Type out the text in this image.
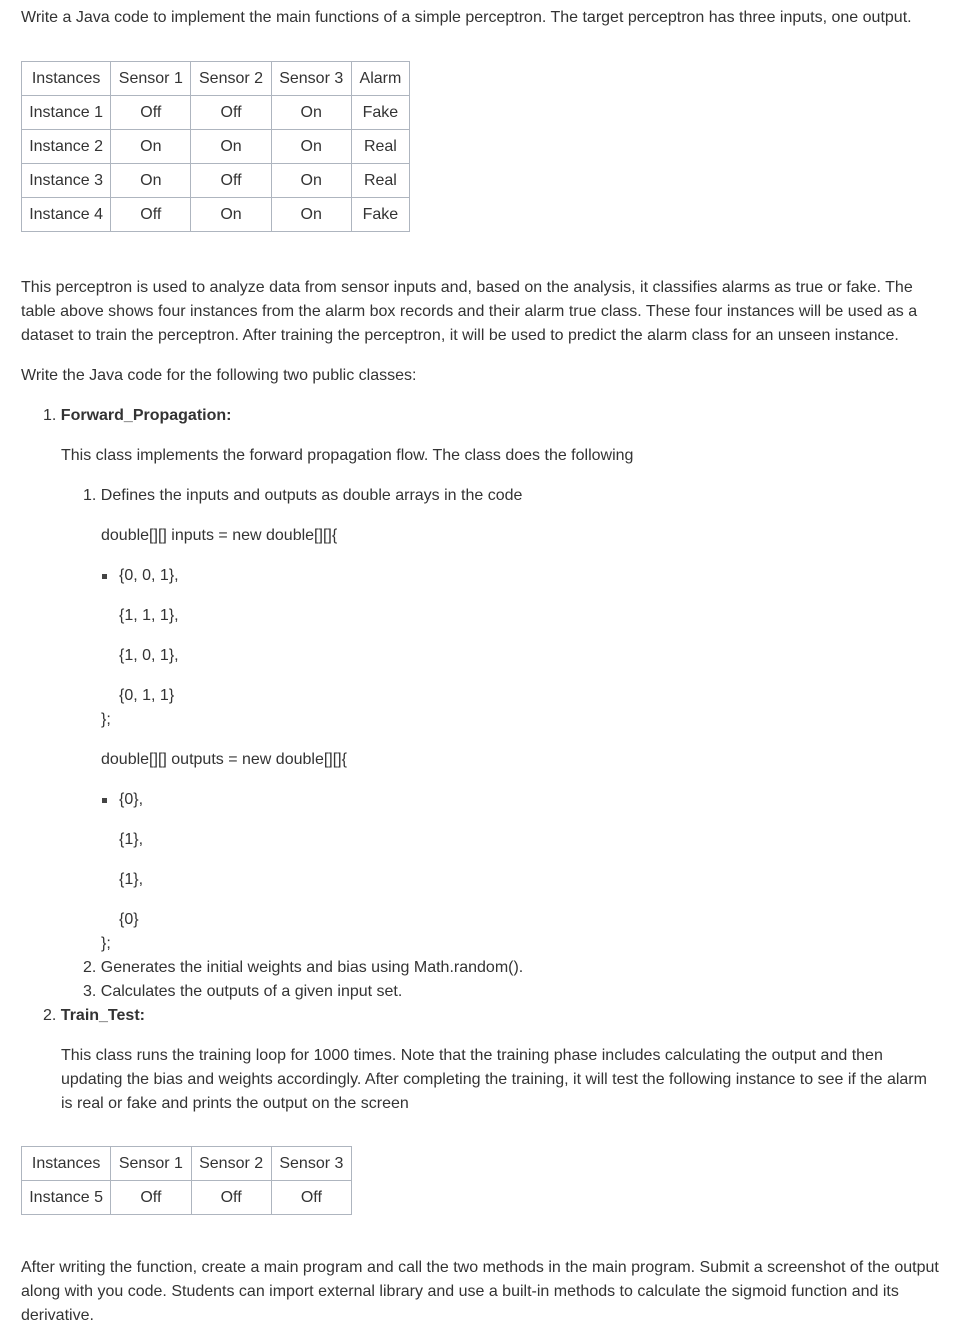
Write a Java code to implement the main functions of a simple perceptron. The target perceptron has three inputs, one output.
Instances	Sensor 1	Sensor 2	Sensor 3	Alarm
Instance 1	Off	Off	On	Fake
Instance 2	On	On	On	Real
Instance 3	On	Off	On	Real
Instance 4	Off	On	On	Fake

This perceptron is used to analyze data from sensor inputs and, based on the analysis, it classifies alarms as true or fake. The table above shows four instances from the alarm box records and their alarm true class. These four instances will be used as a dataset to train the perceptron. After training the perceptron, it will be used to predict the alarm class for an unseen instance.

Write the Java code for the following two public classes:
1. Forward_Propagation:
This class implements the forward propagation flow. The class does the following
1. Defines the inputs and outputs as double arrays in the code
double[][] inputs = new double[][]{
{0, 0, 1},
{1, 1, 1},
{1, 0, 1},
{0, 1, 1}
};
double[][] outputs = new double[][]{
{0},
{1},
{1},
{0}
};
2. Generates the initial weights and bias using Math.random().
3. Calculates the outputs of a given input set.
2. Train_Test:

This class runs the training loop for 1000 times. Note that the training phase includes calculating the output and then updating the bias and weights accordingly. After completing the training, it will test the following instance to see if the alarm is real or fake and prints the output on the screen

Instances	Sensor 1	Sensor 2	Sensor 3
Instance 5	Off	Off	Off

After writing the function, create a main program and call the two methods in the main program. Submit a screenshot of the output along with you code. Students can import external library and use a built-in methods to calculate the sigmoid function and its derivative.
